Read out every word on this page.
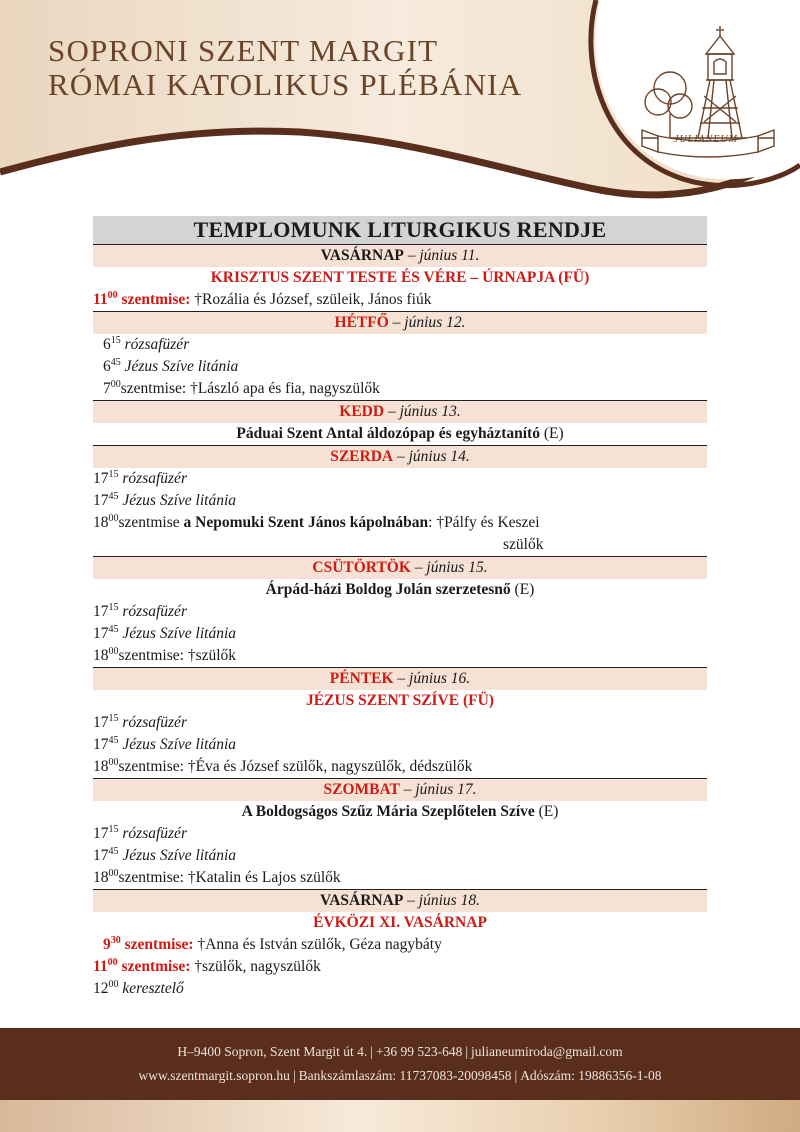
SOPRONI SZENT MARGIT
RÓMAI KATOLIKUS PLÉBÁNIA
JULIANEUM
TEMPLOMUNK LITURGIKUS RENDJE
VASÁRNAP – június 11.
KRISZTUS SZENT TESTE ÉS VÉRE – ÚRNAPJA (FÜ)
$11^{00}$ szentmise: †Rozália és József, szüleik, János fiúk
HÉTFŐ – június 12.
$6^{15}$ rózsafüzér
$6^{45}$ Jézus Szíve litánia
$7^{00}szentmise$: †László apa és fia, nagyszülők
KEDD – június 13.
Páduai Szent Antal áldozópap és egyháztanító (E)
SZERDA – június 14.
$17^{15}$ rózsafüzér
$17^{45}$ Jézus Szíve litánia
$18^{00}szentmise$ a Nepomuki Szent János kápolnában: †Pálfy és Keszei
szülők
CSÜTÖRTÖK – június 15.
Árpád-házi Boldog Jolán szerzetesnő (E)
$17^{15}$ rózsafüzér
$17^{45}$ Jézus Szíve litánia
$18^{00}szentmise$: †szülők
PÉNTEK – június 16.
JÉZUS SZENT SZÍVE (FÜ)
$17^{15}$ rózsafüzér
$17^{45}$ Jézus Szíve litánia
$18^{00}szentmise$: †Éva és József szülők, nagyszülők, dédszülők
SZOMBAT – június 17.
A Boldogságos Szűz Mária Szeplőtelen Szíve (E)
$17^{15}$ rózsafüzér
$17^{45}$ Jézus Szíve litánia
$18^{00}szentmise$: †Katalin és Lajos szülők
VASÁRNAP – június 18.
ÉVKÖZI XI. VASÁRNAP
$9^{30}$ szentmise: †Anna és István szülők, Géza nagybáty
$11^{00}$ szentmise: †szülők, nagyszülők
$12^{00}$ keresztelő
H–9400 Sopron, Szent Margit út 4. | +36 99 523-648 | julianeumiroda@gmail.com
www.szentmargit.sopron.hu | Bankszámlaszám: 11737083-20098458 | Adószám: 19886356-1-08
